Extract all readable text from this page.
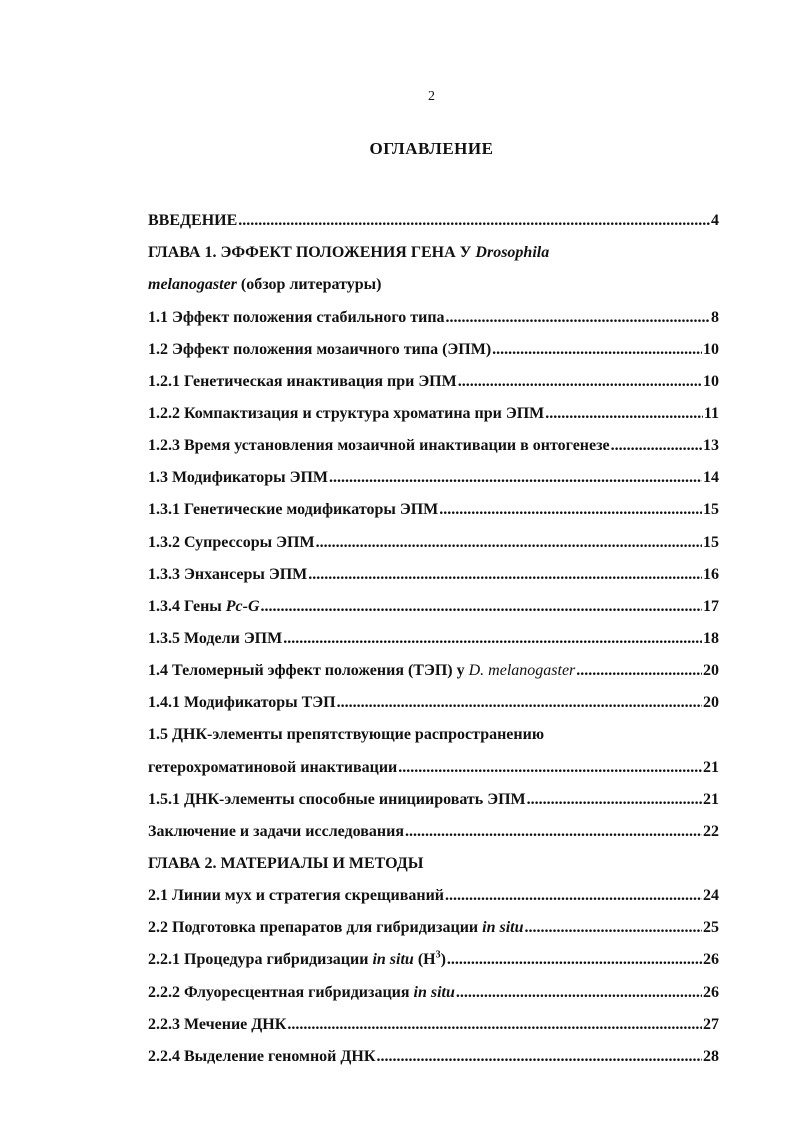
2
ОГЛАВЛЕНИЕ
ВВЕДЕНИЕ .....	4
ГЛАВА 1. ЭФФЕКТ ПОЛОЖЕНИЯ ГЕНА У Drosophila
melanogaster (обзор литературы)
1.1 Эффект положения стабильного типа .....	8
1.2 Эффект положения мозаичного типа (ЭПМ) .....	10
1.2.1 Генетическая инактивация при ЭПМ .....	10
1.2.2 Компактизация и структура хроматина при ЭПМ .....	11
1.2.3 Время установления мозаичной инактивации в онтогенезе .....	13
1.3 Модификаторы ЭПМ .....	14
1.3.1 Генетические модификаторы ЭПМ .....	15
1.3.2 Супрессоры ЭПМ .....	15
1.3.3 Энхансеры ЭПМ .....	16
1.3.4 Гены Pc-G .....	17
1.3.5 Модели ЭПМ .....	18
1.4 Теломерный эффект положения (ТЭП) у D. melanogaster .....	20
1.4.1 Модификаторы ТЭП .....	20
1.5 ДНК-элементы препятствующие распространению
гетерохроматиновой инактивации .....	21
1.5.1 ДНК-элементы способные инициировать ЭПМ .....	21
Заключение и задачи исследования .....	22
ГЛАВА 2. МАТЕРИАЛЫ И МЕТОДЫ
2.1 Линии мух и стратегия скрещиваний .....	24
2.2 Подготовка препаратов для гибридизации in situ .....	25
2.2.1 Процедура гибридизации in situ $(Н^3)$ .....	26
2.2.2 Флуоресцентная гибридизация in situ .....	26
2.2.3 Мечение ДНК .....	27
2.2.4 Выделение геномной ДНК .....	28
